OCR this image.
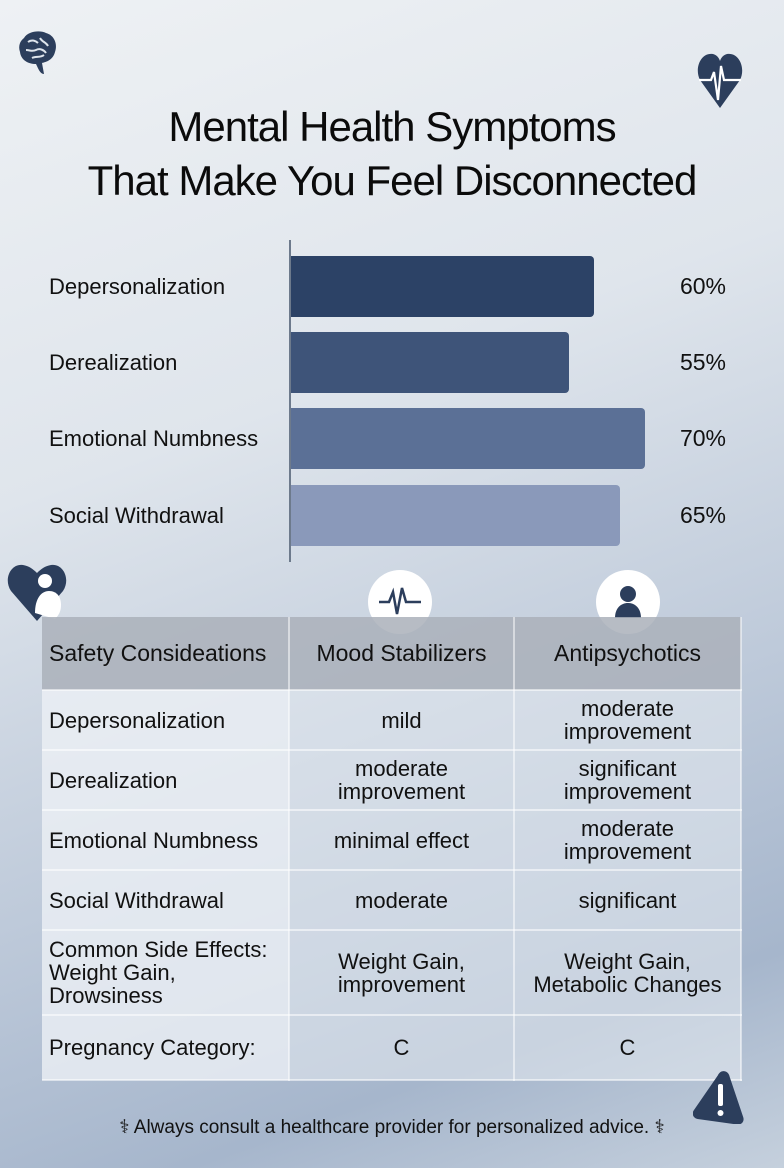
Mental Health Symptoms
That Make You Feel Disconnected
Depersonalization	60%
Derealization	55%
Emotional Numbness	70%
Social Withdrawal	65%
Safety Consideations	Mood Stabilizers	Antipsychotics
Depersonalization	mild	moderate improvement
Derealization	moderate improvement	significant improvement
Emotional Numbness	minimal effect	moderate improvement
Social Withdrawal	moderate	significant
Common Side Effects: Weight Gain, Drowsiness	Weight Gain, improvement	Weight Gain, Metabolic Changes
Pregnancy Category:	C	C
⚕ Always consult a healthcare provider for personalized advice. ⚕
